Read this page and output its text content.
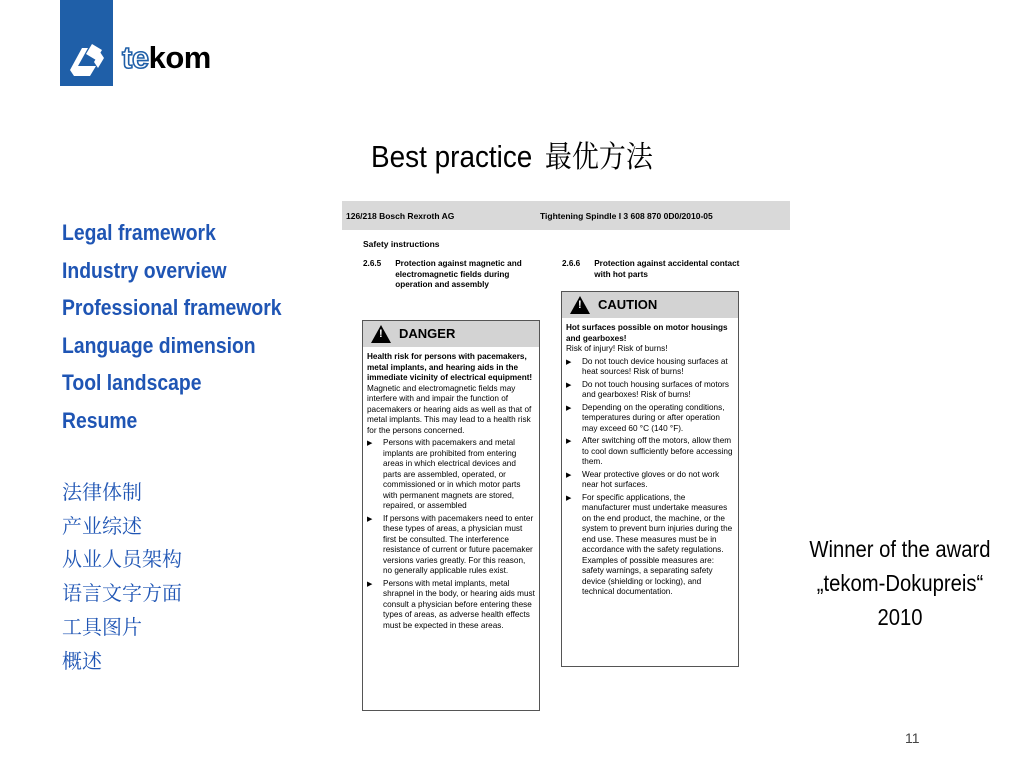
tekom
Best practice 最优方法
Legal framework
Industry overview
Professional framework
Language dimension
Tool landscape
Resume
法律体制
产业综述
从业人员架构
语言文字方面
工具图片
概述
126/218 Bosch Rexroth AG	Tightening Spindle I 3 608 870 0D0/2010-05
Safety instructions
2.6.5 Protection against magnetic and electromagnetic fields during operation and assembly
2.6.6 Protection against accidental contact with hot parts
! DANGER
Health risk for persons with pacemakers, metal implants, and hearing aids in the immediate vicinity of electrical equipment!
Magnetic and electromagnetic fields may interfere with and impair the function of pacemakers or hearing aids as well as that of metal implants. This may lead to a health risk for the persons concerned.
▶	Persons with pacemakers and metal implants are prohibited from entering areas in which electrical devices and parts are assembled, operated, or commissioned or in which motor parts with permanent magnets are stored, repaired, or assembled
▶	If persons with pacemakers need to enter these types of areas, a physician must first be consulted. The interference resistance of current or future pacemaker versions varies greatly. For this reason, no generally applicable rules exist.
▶	Persons with metal implants, metal shrapnel in the body, or hearing aids must consult a physician before entering these types of areas, as adverse health effects must be expected in these areas.
! CAUTION
Hot surfaces possible on motor housings and gearboxes!
Risk of injury! Risk of burns!
▶	Do not touch device housing surfaces at heat sources! Risk of burns!
▶	Do not touch housing surfaces of motors and gearboxes! Risk of burns!
▶	Depending on the operating conditions, temperatures during or after operation may exceed 60 °C (140 °F).
▶	After switching off the motors, allow them to cool down sufficiently before accessing them.
▶	Wear protective gloves or do not work near hot surfaces.
▶	For specific applications, the manufacturer must undertake measures on the end product, the machine, or the system to prevent burn injuries during the end use. These measures must be in accordance with the safety regulations. Examples of possible measures are: safety warnings, a separating safety device (shielding or locking), and technical documentation.
Winner of the award
„tekom-Dokupreis“
2010
11
